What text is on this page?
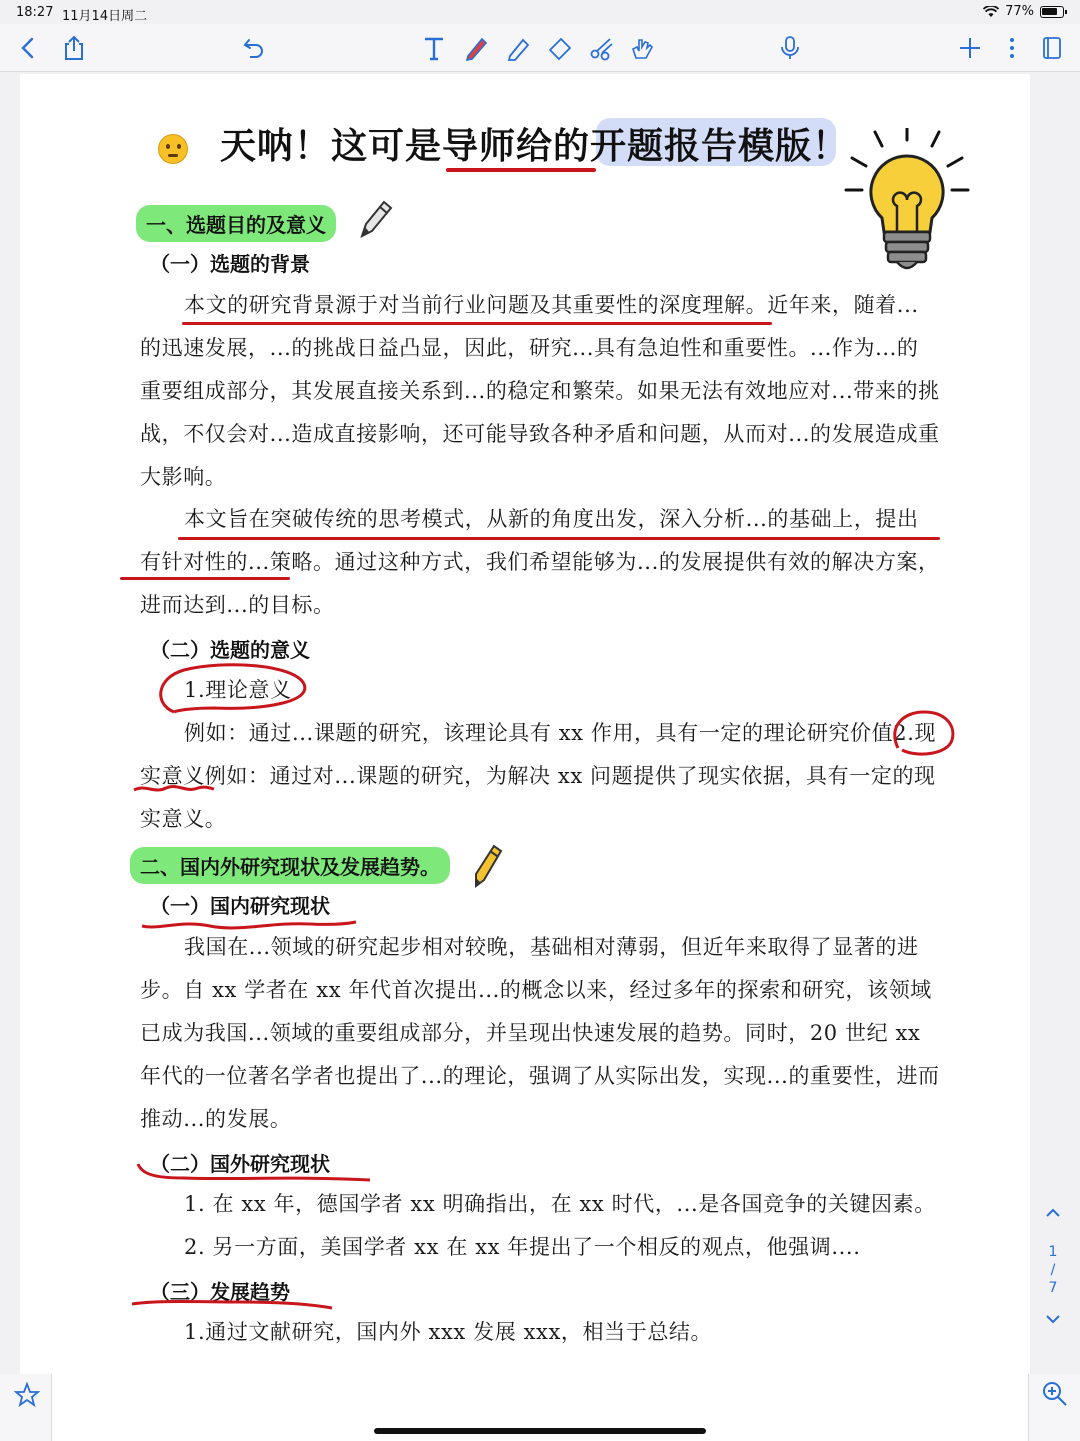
18:27 11月14日周二	77%
天呐！这可是导师给的开题报告模版！
一、选题目的及意义
（一）选题的背景
本文的研究背景源于对当前行业问题及其重要性的深度理解。近年来，随着...的迅速发展，...的挑战日益凸显，因此，研究...具有急迫性和重要性。...作为...的重要组成部分，其发展直接关系到...的稳定和繁荣。如果无法有效地应对...带来的挑战，不仅会对...造成直接影响，还可能导致各种矛盾和问题，从而对...的发展造成重大影响。
本文旨在突破传统的思考模式，从新的角度出发，深入分析...的基础上，提出有针对性的...策略。通过这种方式，我们希望能够为...的发展提供有效的解决方案，进而达到...的目标。
（二）选题的意义
1.理论意义
例如：通过...课题的研究，该理论具有 xx 作用，具有一定的理论研究价值2.现实意义例如：通过对...课题的研究，为解决 xx 问题提供了现实依据，具有一定的现实意义。
二、国内外研究现状及发展趋势。
（一）国内研究现状
我国在...领域的研究起步相对较晚，基础相对薄弱，但近年来取得了显著的进步。自 xx 学者在 xx 年代首次提出...的概念以来，经过多年的探索和研究，该领域已成为我国...领域的重要组成部分，并呈现出快速发展的趋势。同时，20 世纪 xx 年代的一位著名学者也提出了...的理论，强调了从实际出发，实现...的重要性，进而推动...的发展。
（二）国外研究现状
1. 在 xx 年，德国学者 xx 明确指出，在 xx 时代，...是各国竞争的关键因素。
2. 另一方面，美国学者 xx 在 xx 年提出了一个相反的观点，他强调....
（三）发展趋势
1.通过文献研究，国内外 xxx 发展 xxx，相当于总结。
1
/
7
